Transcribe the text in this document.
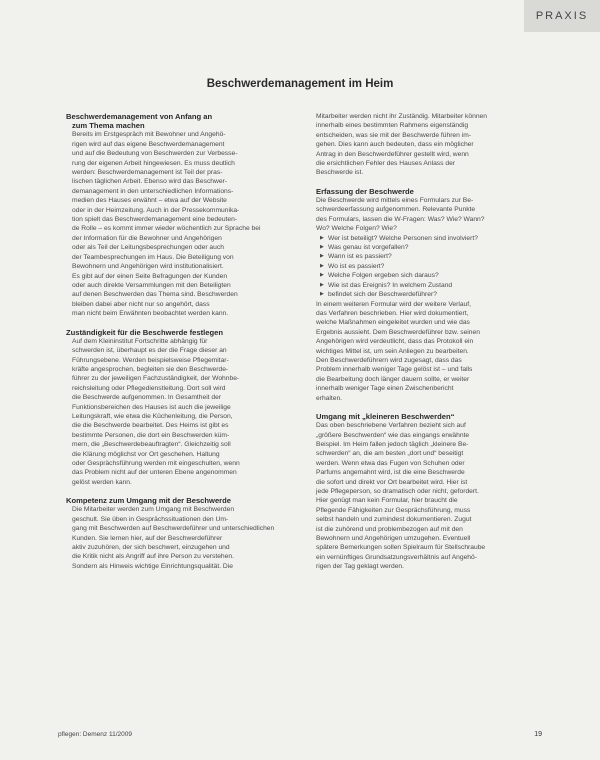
PRAXIS
Beschwerdemanagement im Heim

Beschwerdemanagement von Anfang an
zum Thema machen

Bereits im Erstgespräch mit Bewohner und Angehö-

rigen wird auf das eigene Beschwerdemanagement

und auf die Bedeutung von Beschwerden zur Verbesse-

rung der eigenen Arbeit hingewiesen. Es muss deutlich

werden: Beschwerdemanagement ist Teil der pras-

lischen täglichen Arbeit. Ebenso wird das Beschwer-

demanagement in den unterschiedlichen Informations-

medien des Hauses erwähnt – etwa auf der Website

oder in der Heimzeitung. Auch in der Pressekommunika-

tion spielt das Beschwerdemanagement eine bedeuten-

de Rolle – es kommt immer wieder wöchentlich zur Sprache bei

der Information für die Bewohner und Angehörigen

oder als Teil der Leitungsbesprechungen oder auch

der Teambesprechungen im Haus. Die Beteiligung von

Bewohnern und Angehörigen wird institutionalisiert.

Es gibt auf der einen Seite Befragungen der Kunden

oder auch direkte Versammlungen mit den Beteiligten

auf denen Beschwerden das Thema sind. Beschwerden

bleiben dabei aber nicht nur so angehört, dass

man nicht beim Erwähnten beobachtet werden kann.

Zuständigkeit für die Beschwerde festlegen

Auf dem Kleininstitut Fortschritte abhängig für

schwerden ist, überhaupt es der die Frage dieser an

Führungsebene. Werden beispielsweise Pflegemitar-

kräfte angesprochen, begleiten sie den Beschwerde-

führer zu der jeweiligen Fachzuständigkeit, der Wohnbe-

reichsleitung oder Pflegedienstleitung. Dort soll wird

die Beschwerde aufgenommen. In Gesamtheit der

Funktionsbereichen des Hauses ist auch die jeweilige

Leitungskraft, wie etwa die Küchenleitung, die Person,

die die Beschwerde bearbeitet. Des Heims ist gibt es

bestimmte Personen, die dort ein Beschwerden küm-

mern, die „Beschwerdebeauftragten“. Gleichzeitig soll

die Klärung möglichst vor Ort geschehen. Haltung

oder Gesprächsführung werden mit eingeschulten, wenn

das Problem nicht auf der unteren Ebene angenommen

gelöst werden kann.

Kompetenz zum Umgang mit der Beschwerde

Die Mitarbeiter werden zum Umgang mit Beschwerden

geschult. Sie üben in Gesprächssituationen den Um-

gang mit Beschwerden auf Beschwerdeführer und unterschiedlichen

Kunden. Sie lernen hier, auf der Beschwerdeführer

aktiv zuzuhören, der sich beschwert, einzugehen und

die Kritik nicht als Angriff auf ihre Person zu verstehen.

Sondern als Hinweis wichtige Einrichtungsqualität. Die

Mitarbeiter werden nicht ihr Zuständig. Mitarbeiter können

innerhalb eines bestimmten Rahmens eigenständig

entscheiden, was sie mit der Beschwerde führen im-

gehen. Dies kann auch bedeuten, dass ein möglicher

Antrag in den Beschwerdeführer gestellt wird, wenn

die ersichtlichen Fehler des Hauses Anlass der

Beschwerde ist.

Erfassung der Beschwerde

Die Beschwerde wird mittels eines Formulars zur Be-

schwerdeerfassung aufgenommen. Relevante Punkte

des Formulars, lassen die W-Fragen: Was? Wie? Wann?

Wo? Welche Folgen? Wie?

▶ Wer ist beteiligt? Welche Personen sind involviert?
▶ Was genau ist vorgefallen?
▶ Wann ist es passiert?
▶ Wo ist es passiert?
▶ Welche Folgen ergeben sich daraus?
▶ Wie ist das Ereignis? In welchem Zustand
▶ befindet sich der Beschwerdeführer?

In einem weiteren Formular wird der weitere Verlauf,

das Verfahren beschrieben. Hier wird dokumentiert,

welche Maßnahmen eingeleitet wurden und wie das

Ergebnis aussieht. Dem Beschwerdeführer bzw. seinen

Angehörigen wird verdeutlicht, dass das Protokoll ein

wichtiges Mittel ist, um sein Anliegen zu bearbeiten.

Den Beschwerdeführern wird zugesagt, dass das

Problem innerhalb weniger Tage gelöst ist – und falls

die Bearbeitung doch länger dauern sollte, er weiter

innerhalb weniger Tage einen Zwischenbericht

erhalten.

Umgang mit „kleineren Beschwerden“

Das oben beschriebene Verfahren bezieht sich auf

„größere Beschwerden“ wie das eingangs erwähnte

Beispiel. Im Heim fallen jedoch täglich „kleinere Be-

schwerden“ an, die am besten „dort und“ beseitigt

werden. Wenn etwa das Fugen von Schuhen oder

Parfums angemahnt wird, ist die eine Beschwerde

die sofort und direkt vor Ort bearbeitet wird. Hier ist

jede Pflegeperson, so dramatisch oder nicht, gefordert.

Hier genügt man kein Formular, hier braucht die

Pflegende Fähigkeiten zur Gesprächsführung, muss

selbst handeln und zumindest dokumentieren. Zugut

ist die zuhörend und problembezogen auf mit den

Bewohnern und Angehörigen umzugehen. Eventuell

spätere Bemerkungen sollen Spielraum für Stellschraube

ein vernünftiges Grundsatzungsverhältnis auf Angehö-

rigen der Tag geklagt werden.

pflegen: Demenz 11/2009	19
